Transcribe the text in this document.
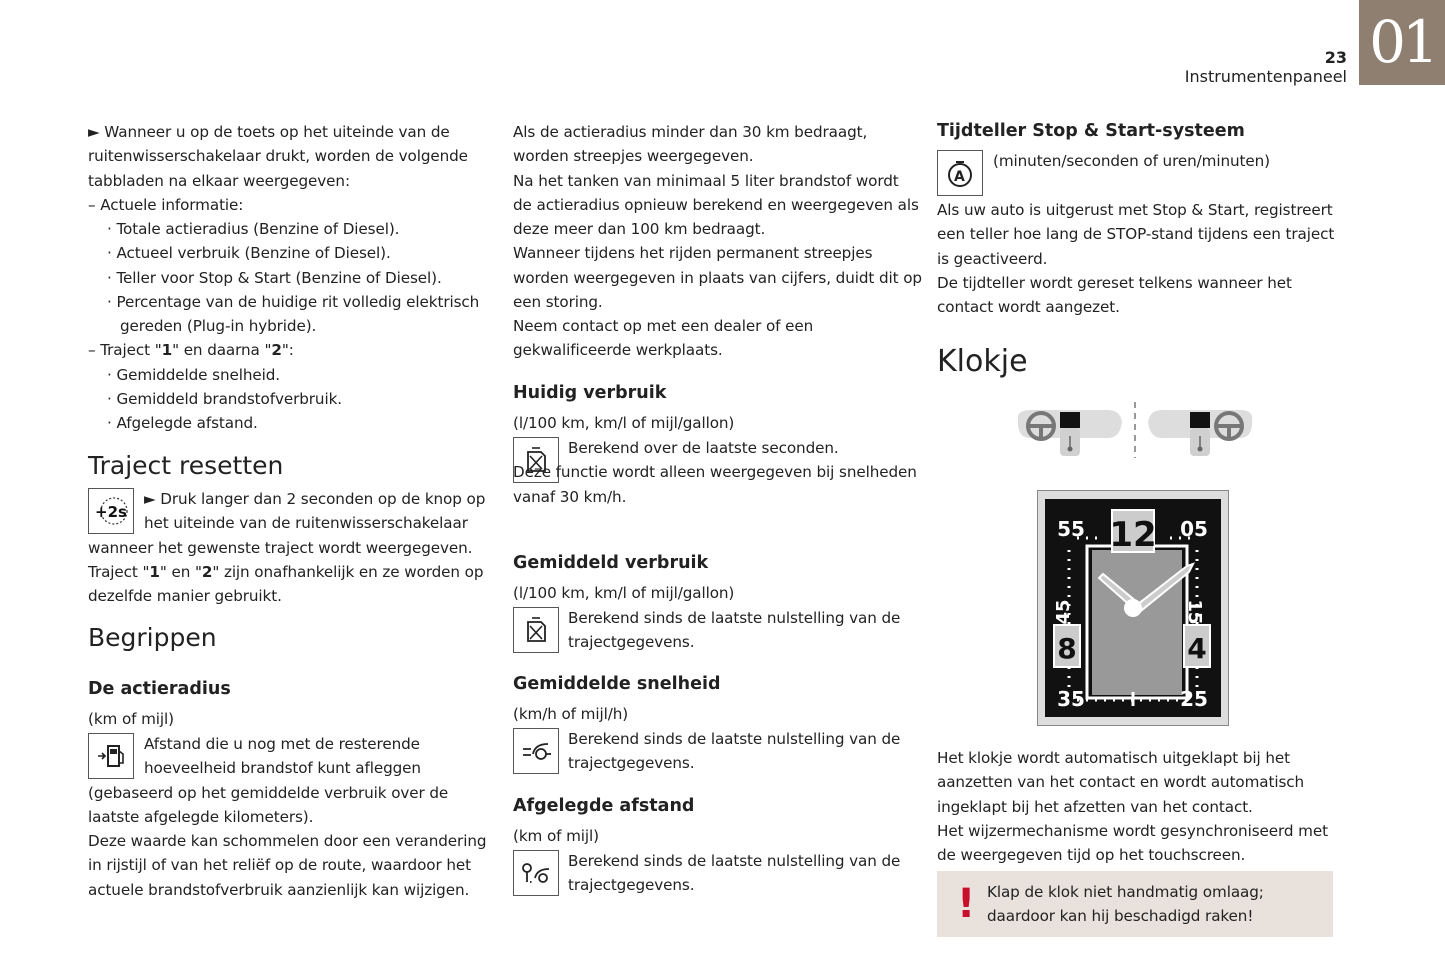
01
23
Instrumentenpaneel
+2s
A
12
8	4
55	05
35	25
45	15
! Klap de klok niet handmatig omlaag;
daardoor kan hij beschadigd raken!
► Wanneer u op de toets op het uiteinde van de
ruitenwisserschakelaar drukt, worden de volgende
tabbladen na elkaar weergegeven:
– Actuele informatie:
· Totale actieradius (Benzine of Diesel).
· Actueel verbruik (Benzine of Diesel).
· Teller voor Stop & Start (Benzine of Diesel).
· Percentage van de huidige rit volledig elektrisch
gereden (Plug-in hybride).
– Traject "1" en daarna "2":
· Gemiddelde snelheid.
· Gemiddeld brandstofverbruik.
· Afgelegde afstand.
Traject resetten
► Druk langer dan 2 seconden op de knop op
het uiteinde van de ruitenwisserschakelaar
wanneer het gewenste traject wordt weergegeven.
Traject "1" en "2" zijn onafhankelijk en ze worden op
dezelfde manier gebruikt.
Begrippen
De actieradius
(km of mijl)
Afstand die u nog met de resterende
hoeveelheid brandstof kunt afleggen
(gebaseerd op het gemiddelde verbruik over de
laatste afgelegde kilometers).
Deze waarde kan schommelen door een verandering
in rijstijl of van het reliëf op de route, waardoor het
actuele brandstofverbruik aanzienlijk kan wijzigen.
Als de actieradius minder dan 30 km bedraagt,
worden streepjes weergegeven.
Na het tanken van minimaal 5 liter brandstof wordt
de actieradius opnieuw berekend en weergegeven als
deze meer dan 100 km bedraagt.
Wanneer tijdens het rijden permanent streepjes
worden weergegeven in plaats van cijfers, duidt dit op
een storing.
Neem contact op met een dealer of een
gekwalificeerde werkplaats.
Huidig verbruik
(l/100 km, km/l of mijl/gallon)
Berekend over de laatste seconden.
Deze functie wordt alleen weergegeven bij snelheden
vanaf 30 km/h.
Gemiddeld verbruik
(l/100 km, km/l of mijl/gallon)
Berekend sinds de laatste nulstelling van de
trajectgegevens.
Gemiddelde snelheid
(km/h of mijl/h)
Berekend sinds de laatste nulstelling van de
trajectgegevens.
Afgelegde afstand
(km of mijl)
Berekend sinds de laatste nulstelling van de
trajectgegevens.
Tijdteller Stop & Start-systeem
(minuten/seconden of uren/minuten)
Als uw auto is uitgerust met Stop & Start, registreert
een teller hoe lang de STOP-stand tijdens een traject
is geactiveerd.
De tijdteller wordt gereset telkens wanneer het
contact wordt aangezet.
Klokje
Het klokje wordt automatisch uitgeklapt bij het
aanzetten van het contact en wordt automatisch
ingeklapt bij het afzetten van het contact.
Het wijzermechanisme wordt gesynchroniseerd met
de weergegeven tijd op het touchscreen.
